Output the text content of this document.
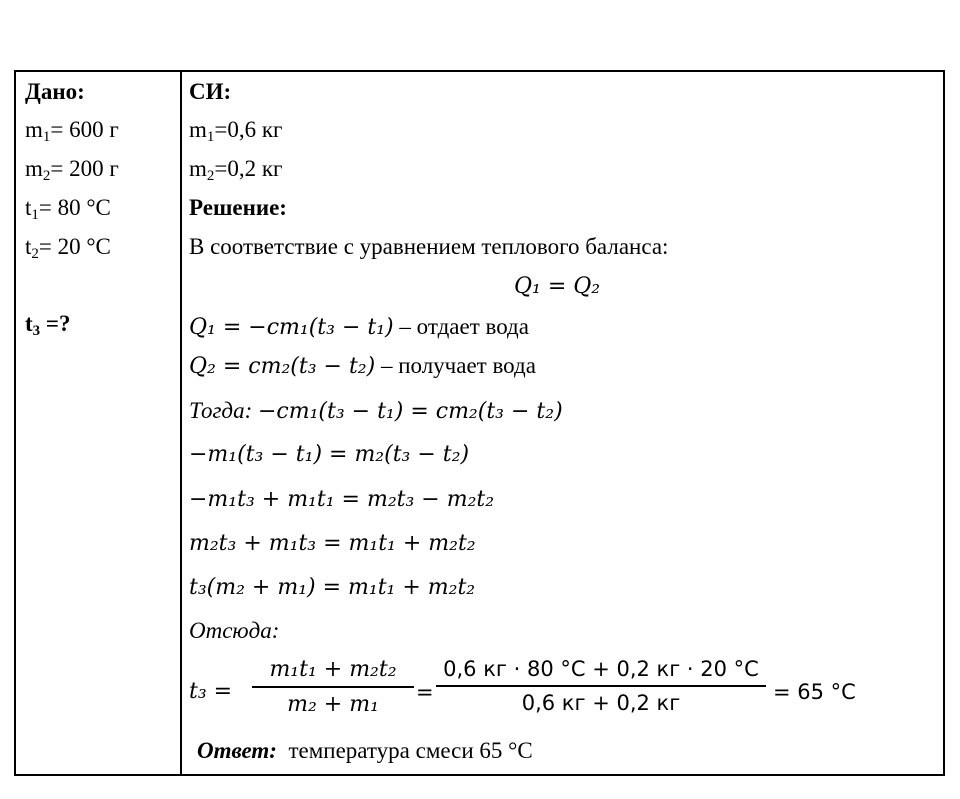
Дано:
$m_1= 600$ г
$m_2= 200$ г
$t_1= 80$ °C
$t_2= 20$ °C
$t_3$ =?
СИ:
$m_1=0,6$ кг
$m_2=0,2$ кг
Решение:
В соответствие с уравнением теплового баланса:
Q₁ = Q₂
Q₁ = −cm₁(t₃ − t₁) – отдает вода
Q₂ = cm₂(t₃ − t₂) – получает вода
Тогда: −cm₁(t₃ − t₁) = cm₂(t₃ − t₂)
−m₁(t₃ − t₁) = m₂(t₃ − t₂)
−m₁t₃ + m₁t₁ = m₂t₃ − m₂t₂
m₂t₃ + m₁t₃ = m₁t₁ + m₂t₂
t₃(m₂ + m₁) = m₁t₁ + m₂t₂
Отсюда:
t₃ =
m₁t₁ + m₂t₂
m₂ + m₁	=
0,6 кг · 80 °C + 0,2 кг · 20 °C
0,6 кг + 0,2 кг	= 65 °C
Ответ: температура смеси 65 °C
